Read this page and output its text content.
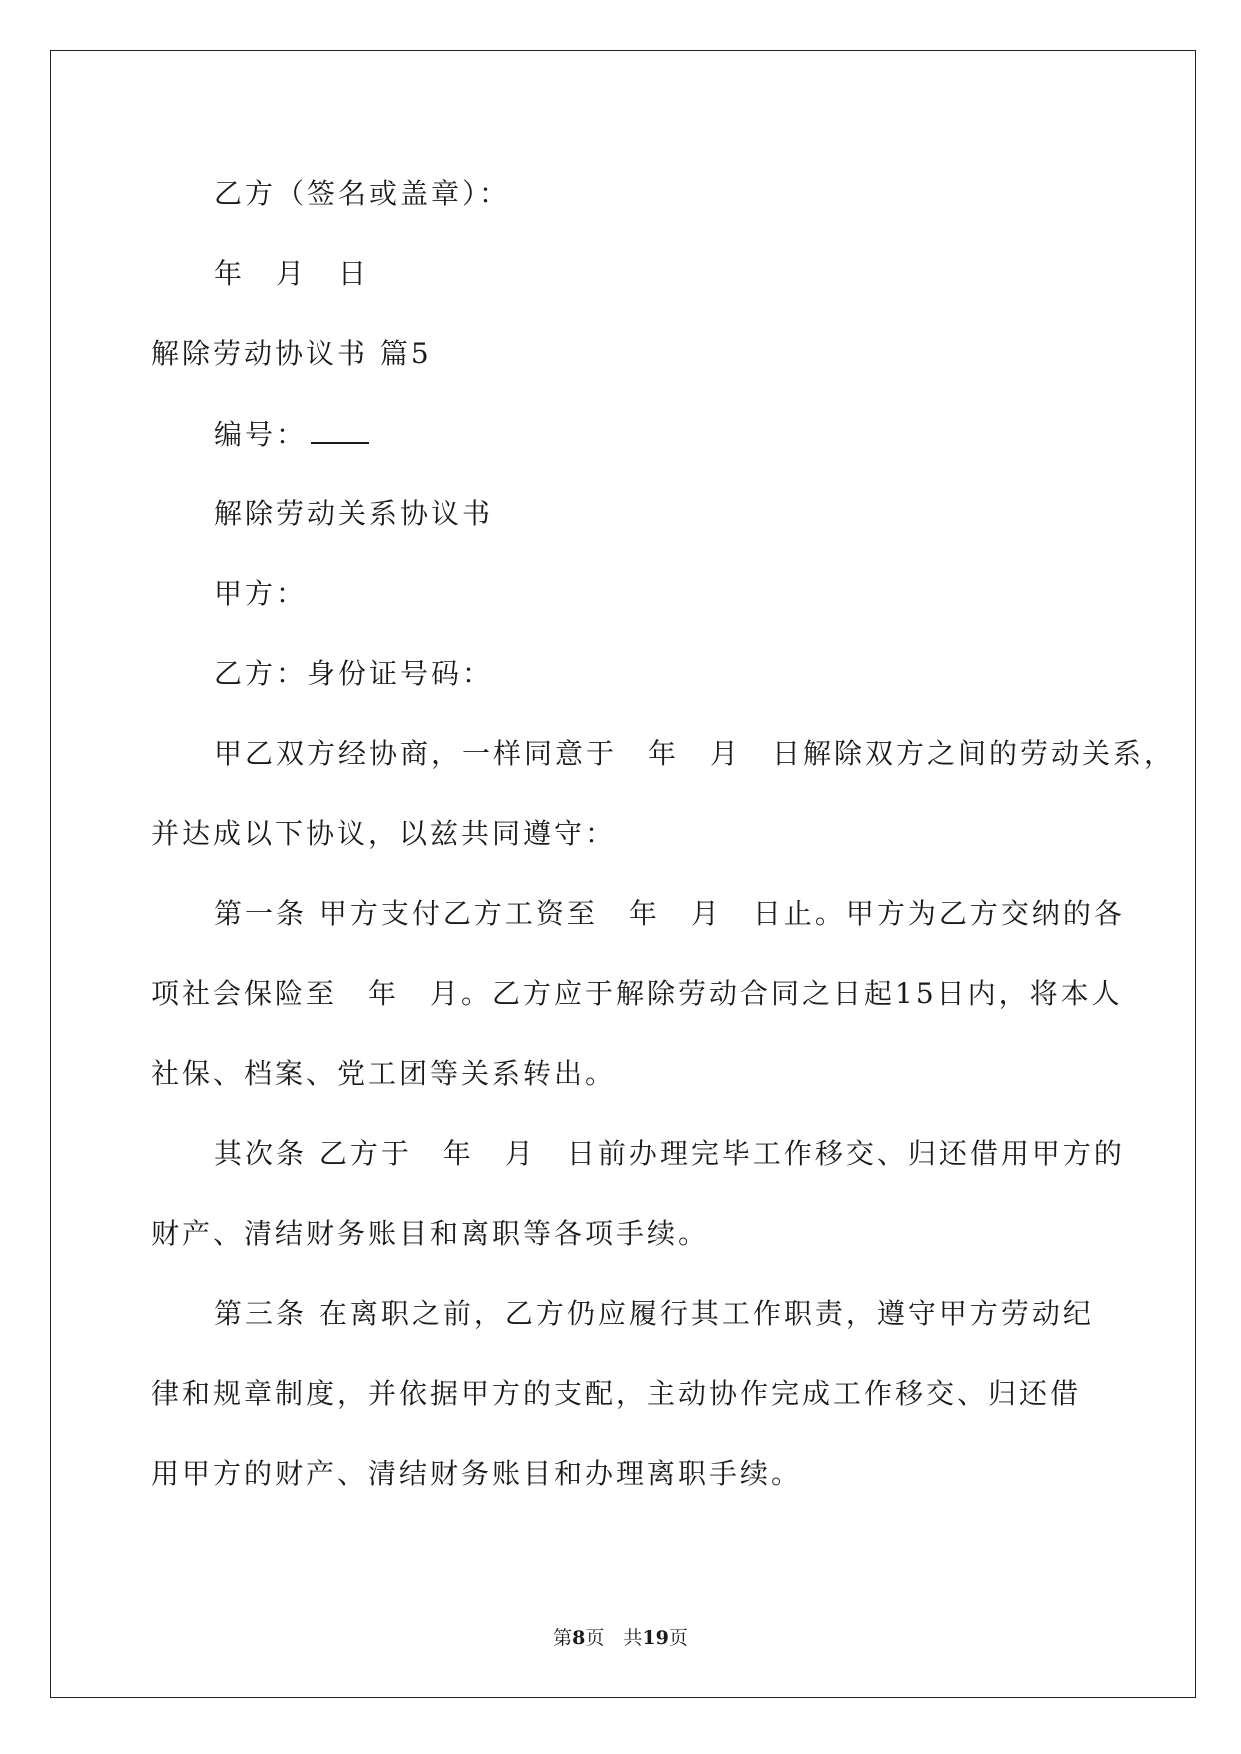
乙方（签名或盖章）：
年　月　日
解除劳动协议书 篇5
编号：
解除劳动关系协议书
甲方：
乙方：身份证号码：
甲乙双方经协商，一样同意于　年　月　日解除双方之间的劳动关系，
并达成以下协议，以兹共同遵守：
第一条 甲方支付乙方工资至　年　月　日止。甲方为乙方交纳的各
项社会保险至　年　月。乙方应于解除劳动合同之日起15日内，将本人
社保、档案、党工团等关系转出。
其次条 乙方于　年　月　日前办理完毕工作移交、归还借用甲方的
财产、清结财务账目和离职等各项手续。
第三条 在离职之前，乙方仍应履行其工作职责，遵守甲方劳动纪
律和规章制度，并依据甲方的支配，主动协作完成工作移交、归还借
用甲方的财产、清结财务账目和办理离职手续。
第8页　共19页
